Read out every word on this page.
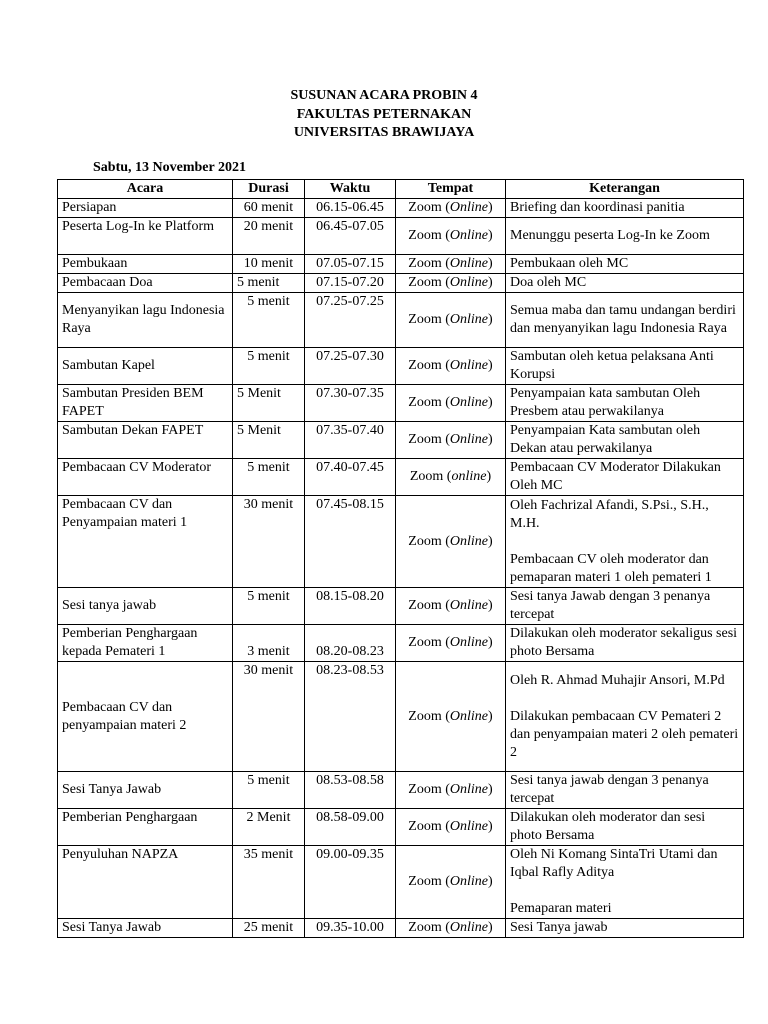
SUSUNAN ACARA PROBIN 4
FAKULTAS PETERNAKAN
UNIVERSITAS BRAWIJAYA
Sabtu, 13 November 2021
Acara	Durasi	Waktu	Tempat	Keterangan
Persiapan	60 menit	06.15-06.45	Zoom (Online)	Briefing dan koordinasi panitia

Peserta Log-In ke Platform	20 menit	06.45-07.05	Zoom (Online)	Menunggu peserta Log-In ke Zoom

Pembukaan	10 menit	07.05-07.15	Zoom (Online)	Pembukaan oleh MC

Pembacaan Doa	5 menit	07.15-07.20	Zoom (Online)	Doa oleh MC

Menyanyikan lagu Indonesia Raya	5 menit	07.25-07.25	Zoom (Online)	Semua maba dan tamu undangan berdiri dan menyanyikan lagu Indonesia Raya

Sambutan Kapel	5 menit	07.25-07.30	Zoom (Online)	Sambutan oleh ketua pelaksana Anti Korupsi

Sambutan Presiden BEM FAPET	5 Menit	07.30-07.35	Zoom (Online)	Penyampaian kata sambutan Oleh Presbem atau perwakilanya

Sambutan Dekan FAPET	5 Menit	07.35-07.40	Zoom (Online)	Penyampaian Kata sambutan oleh Dekan atau perwakilanya

Pembacaan CV Moderator	5 menit	07.40-07.45	Zoom (online)	Pembacaan CV Moderator Dilakukan Oleh MC

Pembacaan CV dan Penyampaian materi 1	30 menit	07.45-08.15	Zoom (Online)	Oleh Fachrizal Afandi, S.Psi., S.H., M.H.
Pembacaan CV oleh moderator dan pemaparan materi 1 oleh pemateri 1

Sesi tanya jawab	5 menit	08.15-08.20	Zoom (Online)	Sesi tanya Jawab dengan 3 penanya tercepat

Pemberian Penghargaan kepada Pemateri 1	3 menit	08.20-08.23	Zoom (Online)	Dilakukan oleh moderator sekaligus sesi photo Bersama

Pembacaan CV dan penyampaian materi 2	30 menit	08.23-08.53	Zoom (Online)	Oleh R. Ahmad Muhajir Ansori, M.Pd
Dilakukan pembacaan CV Pemateri 2 dan penyampaian materi 2 oleh pemateri 2

Sesi Tanya Jawab	5 menit	08.53-08.58	Zoom (Online)	Sesi tanya jawab dengan 3 penanya tercepat

Pemberian Penghargaan	2 Menit	08.58-09.00	Zoom (Online)	Dilakukan oleh moderator dan sesi photo Bersama

Penyuluhan NAPZA	35 menit	09.00-09.35	Zoom (Online)	Oleh Ni Komang SintaTri Utami dan Iqbal Rafly Aditya
Pemaparan materi

Sesi Tanya Jawab	25 menit	09.35-10.00	Zoom (Online)	Sesi Tanya jawab
